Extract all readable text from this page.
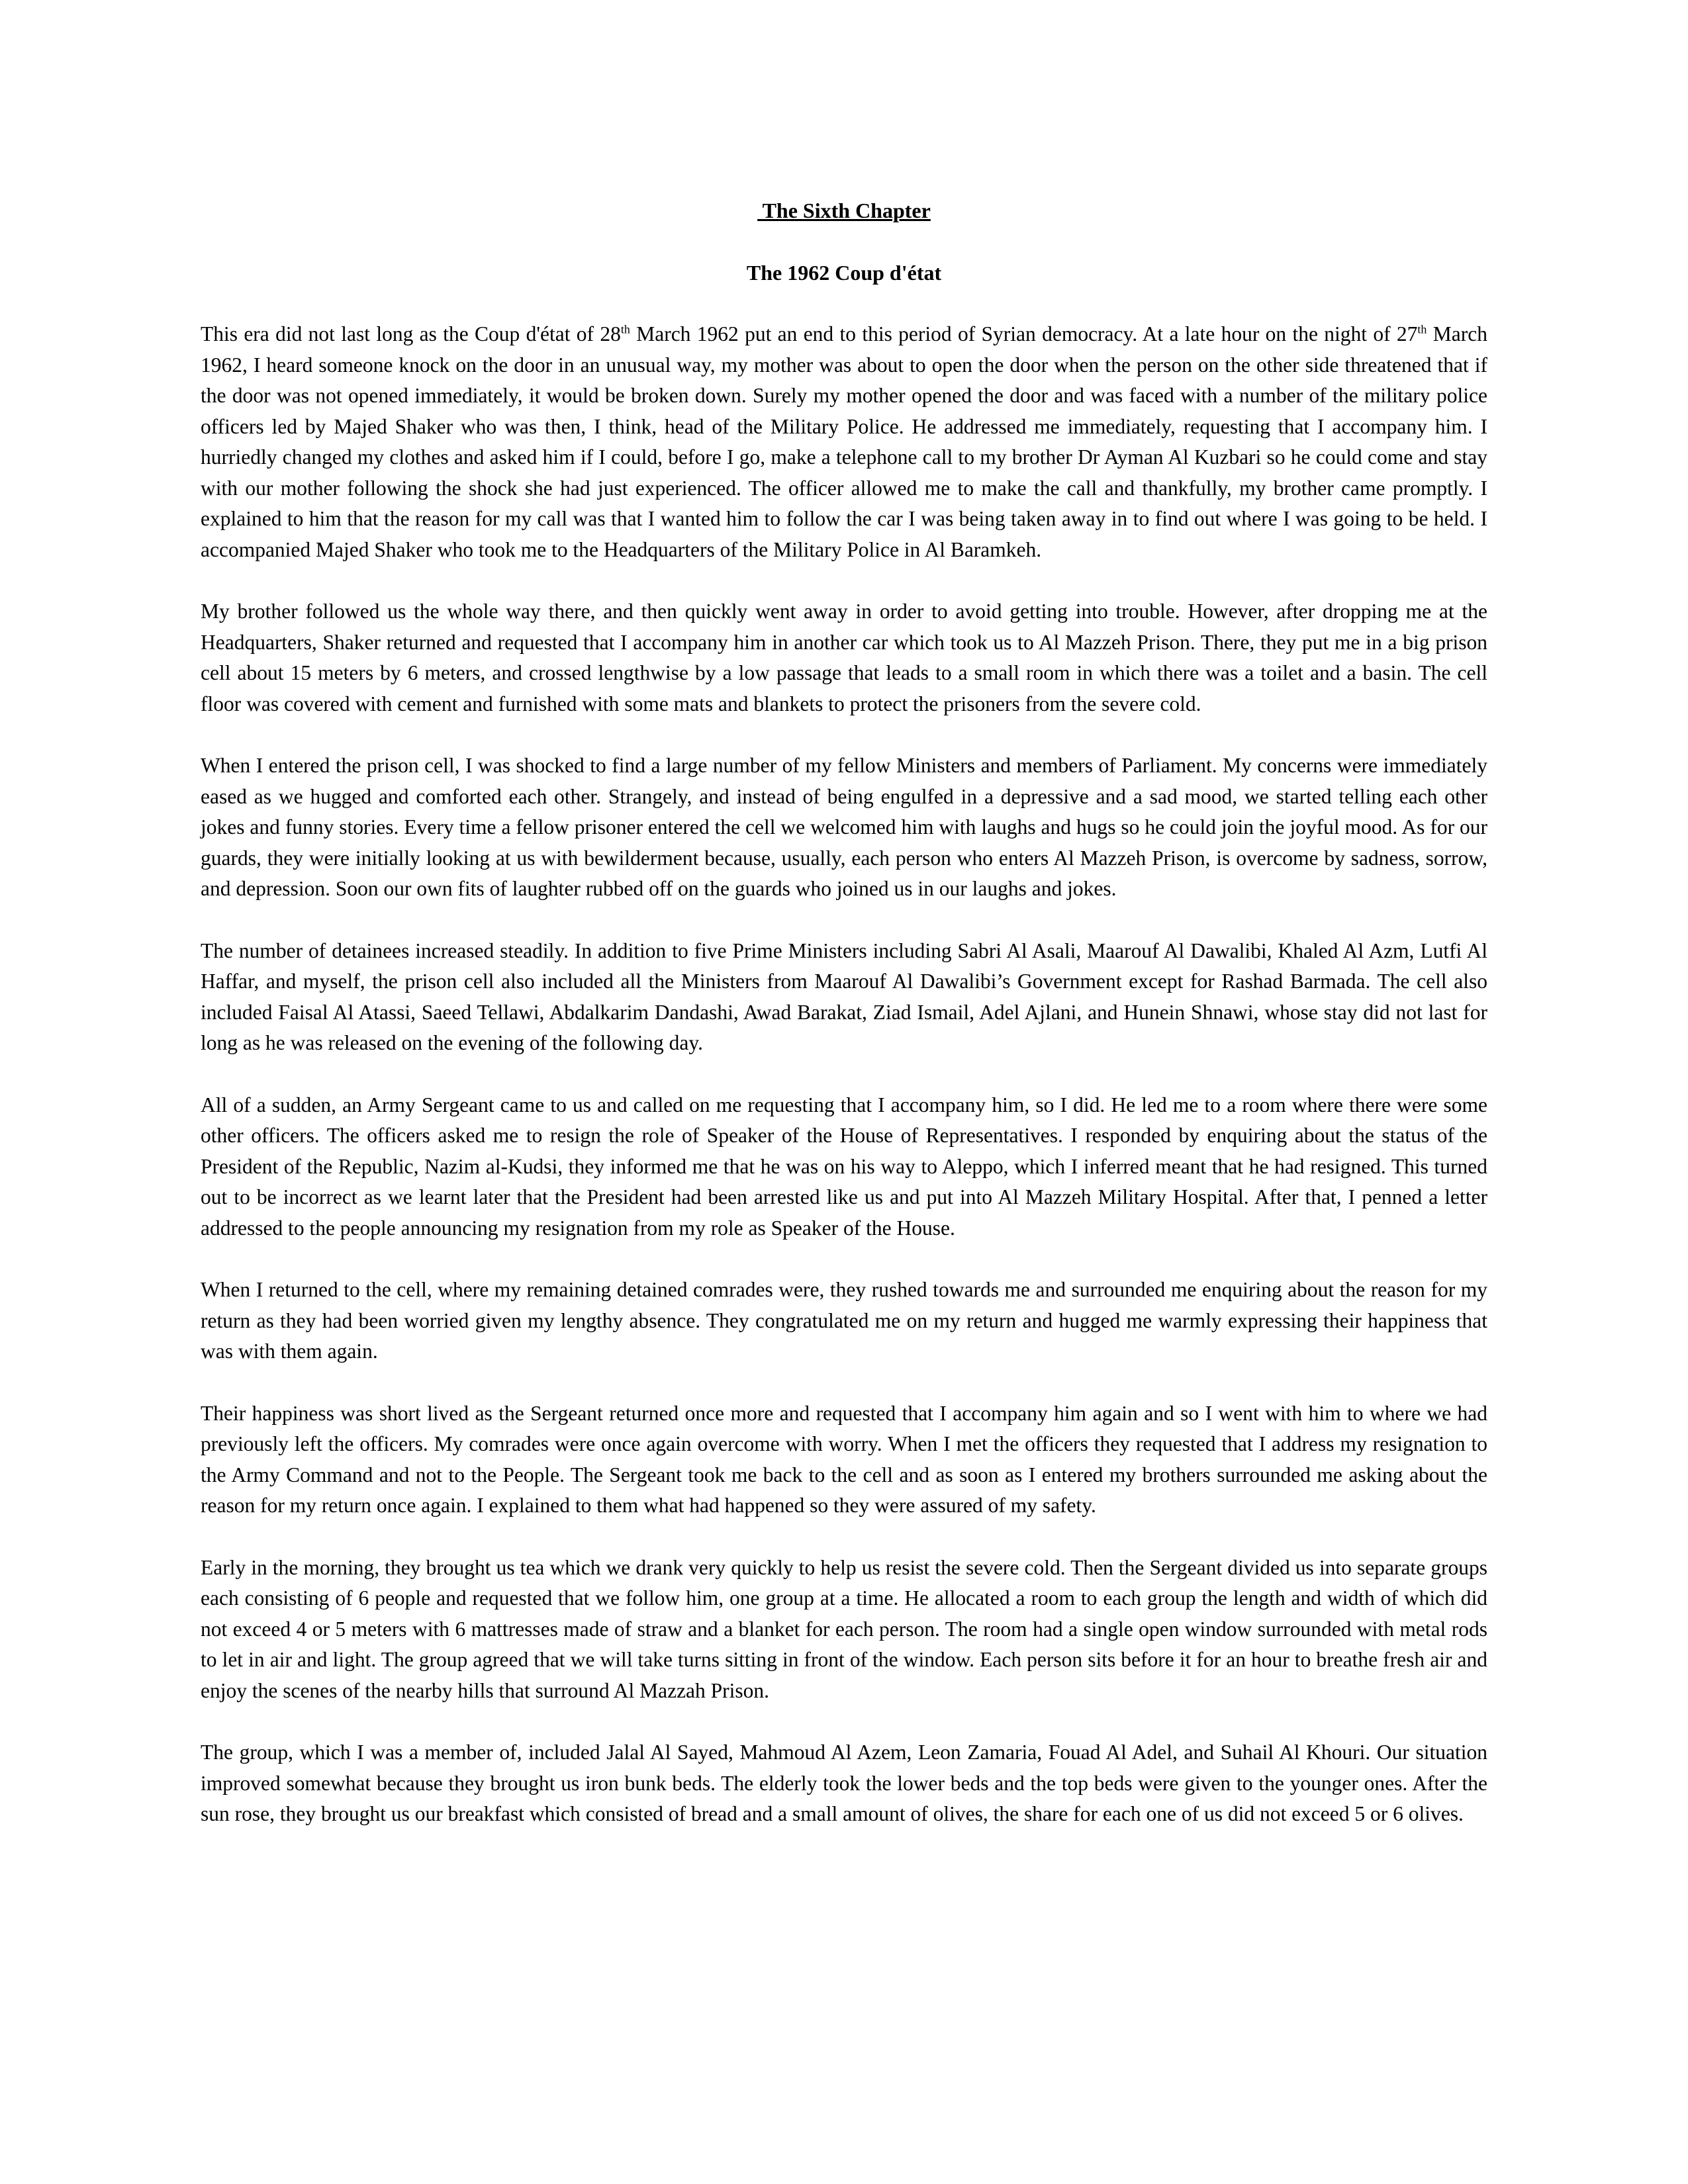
The Sixth Chapter
The 1962 Coup d'état

This era did not last long as the Coup d'état of 28th March 1962 put an end to this period of Syrian democracy. At a late hour on the night of 27th March 1962, I heard someone knock on the door in an unusual way, my mother was about to open the door when the person on the other side threatened that if the door was not opened immediately, it would be broken down. Surely my mother opened the door and was faced with a number of the military police officers led by Majed Shaker who was then, I think, head of the Military Police. He addressed me immediately, requesting that I accompany him. I hurriedly changed my clothes and asked him if I could, before I go, make a telephone call to my brother Dr Ayman Al Kuzbari so he could come and stay with our mother following the shock she had just experienced. The officer allowed me to make the call and thankfully, my brother came promptly. I explained to him that the reason for my call was that I wanted him to follow the car I was being taken away in to find out where I was going to be held. I accompanied Majed Shaker who took me to the Headquarters of the Military Police in Al Baramkeh.

My brother followed us the whole way there, and then quickly went away in order to avoid getting into trouble. However, after dropping me at the Headquarters, Shaker returned and requested that I accompany him in another car which took us to Al Mazzeh Prison. There, they put me in a big prison cell about 15 meters by 6 meters, and crossed lengthwise by a low passage that leads to a small room in which there was a toilet and a basin. The cell floor was covered with cement and furnished with some mats and blankets to protect the prisoners from the severe cold.

When I entered the prison cell, I was shocked to find a large number of my fellow Ministers and members of Parliament. My concerns were immediately eased as we hugged and comforted each other. Strangely, and instead of being engulfed in a depressive and a sad mood, we started telling each other jokes and funny stories. Every time a fellow prisoner entered the cell we welcomed him with laughs and hugs so he could join the joyful mood. As for our guards, they were initially looking at us with bewilderment because, usually, each person who enters Al Mazzeh Prison, is overcome by sadness, sorrow, and depression. Soon our own fits of laughter rubbed off on the guards who joined us in our laughs and jokes.

The number of detainees increased steadily. In addition to five Prime Ministers including Sabri Al Asali, Maarouf Al Dawalibi, Khaled Al Azm, Lutfi Al Haffar, and myself, the prison cell also included all the Ministers from Maarouf Al Dawalibi’s Government except for Rashad Barmada. The cell also included Faisal Al Atassi, Saeed Tellawi, Abdalkarim Dandashi, Awad Barakat, Ziad Ismail, Adel Ajlani, and Hunein Shnawi, whose stay did not last for long as he was released on the evening of the following day.

All of a sudden, an Army Sergeant came to us and called on me requesting that I accompany him, so I did. He led me to a room where there were some other officers. The officers asked me to resign the role of Speaker of the House of Representatives. I responded by enquiring about the status of the President of the Republic, Nazim al-Kudsi, they informed me that he was on his way to Aleppo, which I inferred meant that he had resigned. This turned out to be incorrect as we learnt later that the President had been arrested like us and put into Al Mazzeh Military Hospital. After that, I penned a letter addressed to the people announcing my resignation from my role as Speaker of the House.

When I returned to the cell, where my remaining detained comrades were, they rushed towards me and surrounded me enquiring about the reason for my return as they had been worried given my lengthy absence. They congratulated me on my return and hugged me warmly expressing their happiness that was with them again.

Their happiness was short lived as the Sergeant returned once more and requested that I accompany him again and so I went with him to where we had previously left the officers. My comrades were once again overcome with worry. When I met the officers they requested that I address my resignation to the Army Command and not to the People. The Sergeant took me back to the cell and as soon as I entered my brothers surrounded me asking about the reason for my return once again. I explained to them what had happened so they were assured of my safety.

Early in the morning, they brought us tea which we drank very quickly to help us resist the severe cold. Then the Sergeant divided us into separate groups each consisting of 6 people and requested that we follow him, one group at a time. He allocated a room to each group the length and width of which did not exceed 4 or 5 meters with 6 mattresses made of straw and a blanket for each person. The room had a single open window surrounded with metal rods to let in air and light. The group agreed that we will take turns sitting in front of the window. Each person sits before it for an hour to breathe fresh air and enjoy the scenes of the nearby hills that surround Al Mazzah Prison.

The group, which I was a member of, included Jalal Al Sayed, Mahmoud Al Azem, Leon Zamaria, Fouad Al Adel, and Suhail Al Khouri. Our situation improved somewhat because they brought us iron bunk beds. The elderly took the lower beds and the top beds were given to the younger ones. After the sun rose, they brought us our breakfast which consisted of bread and a small amount of olives, the share for each one of us did not exceed 5 or 6 olives.
